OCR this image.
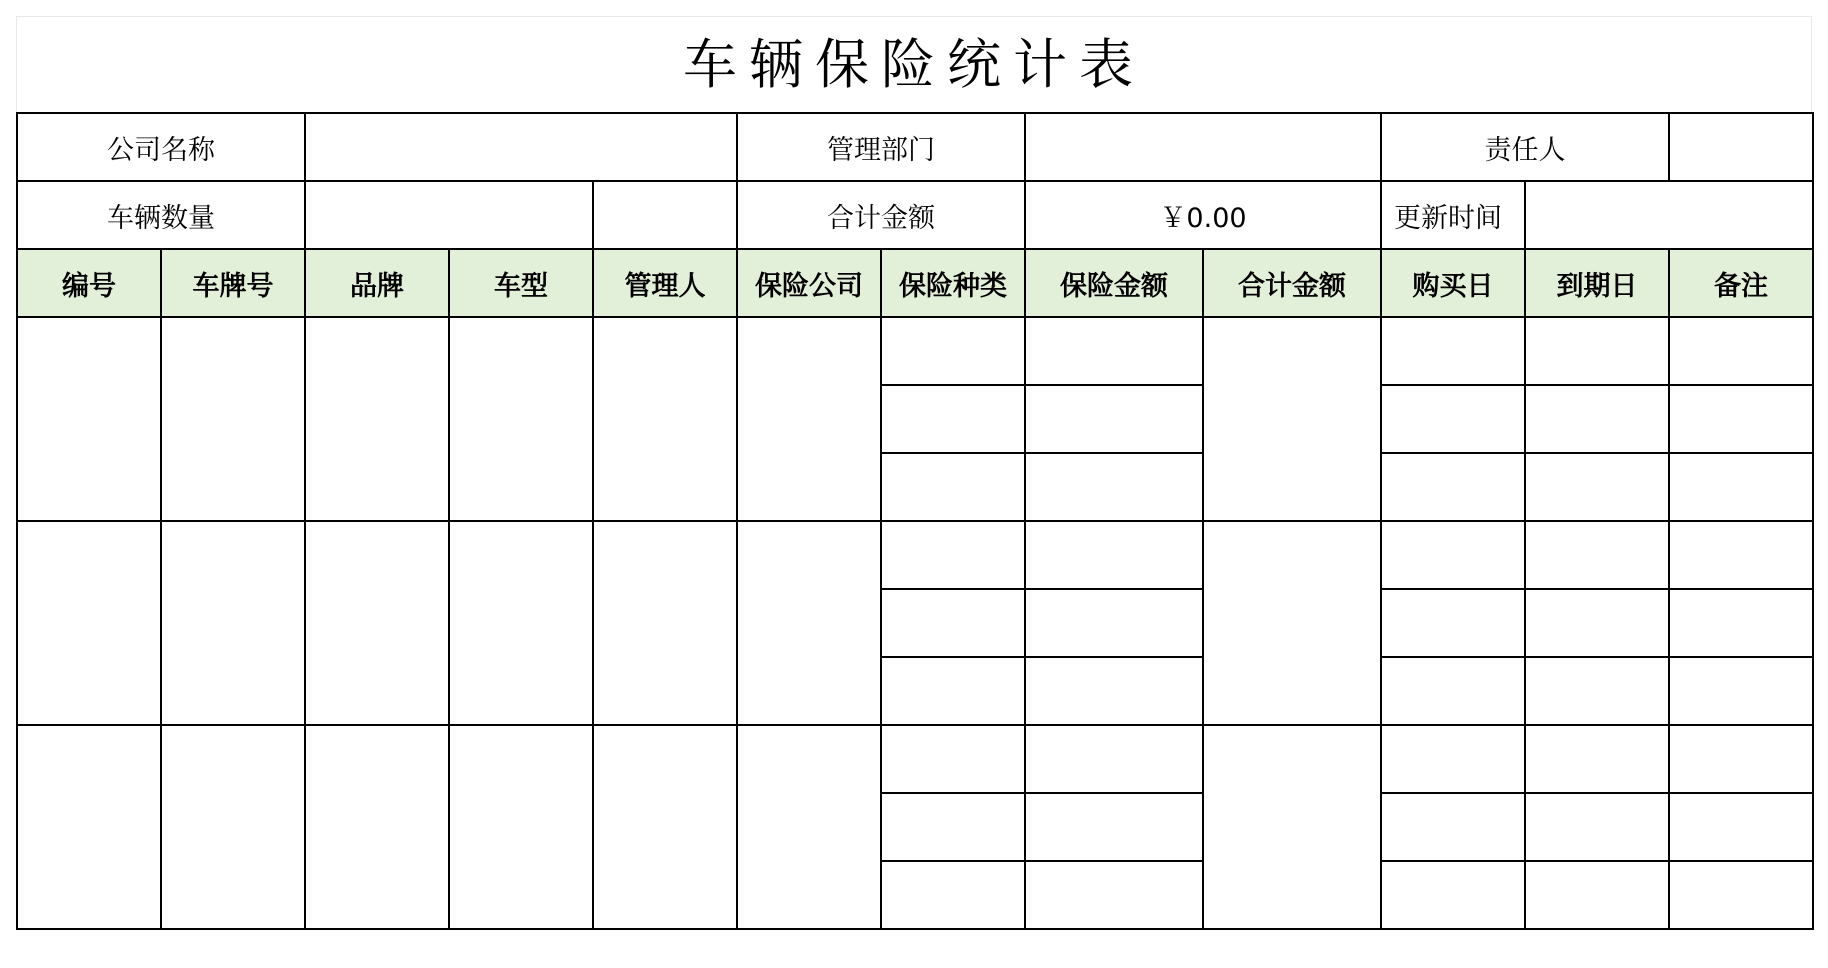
车辆保险统计表
公司名称					管理部门				责任人		
车辆数量					合计金额		￥0.00		更新时间		
编号	车牌号	品牌	车型	管理人	保险公司	保险种类	保险金额	合计金额	购买日	到期日	备注
